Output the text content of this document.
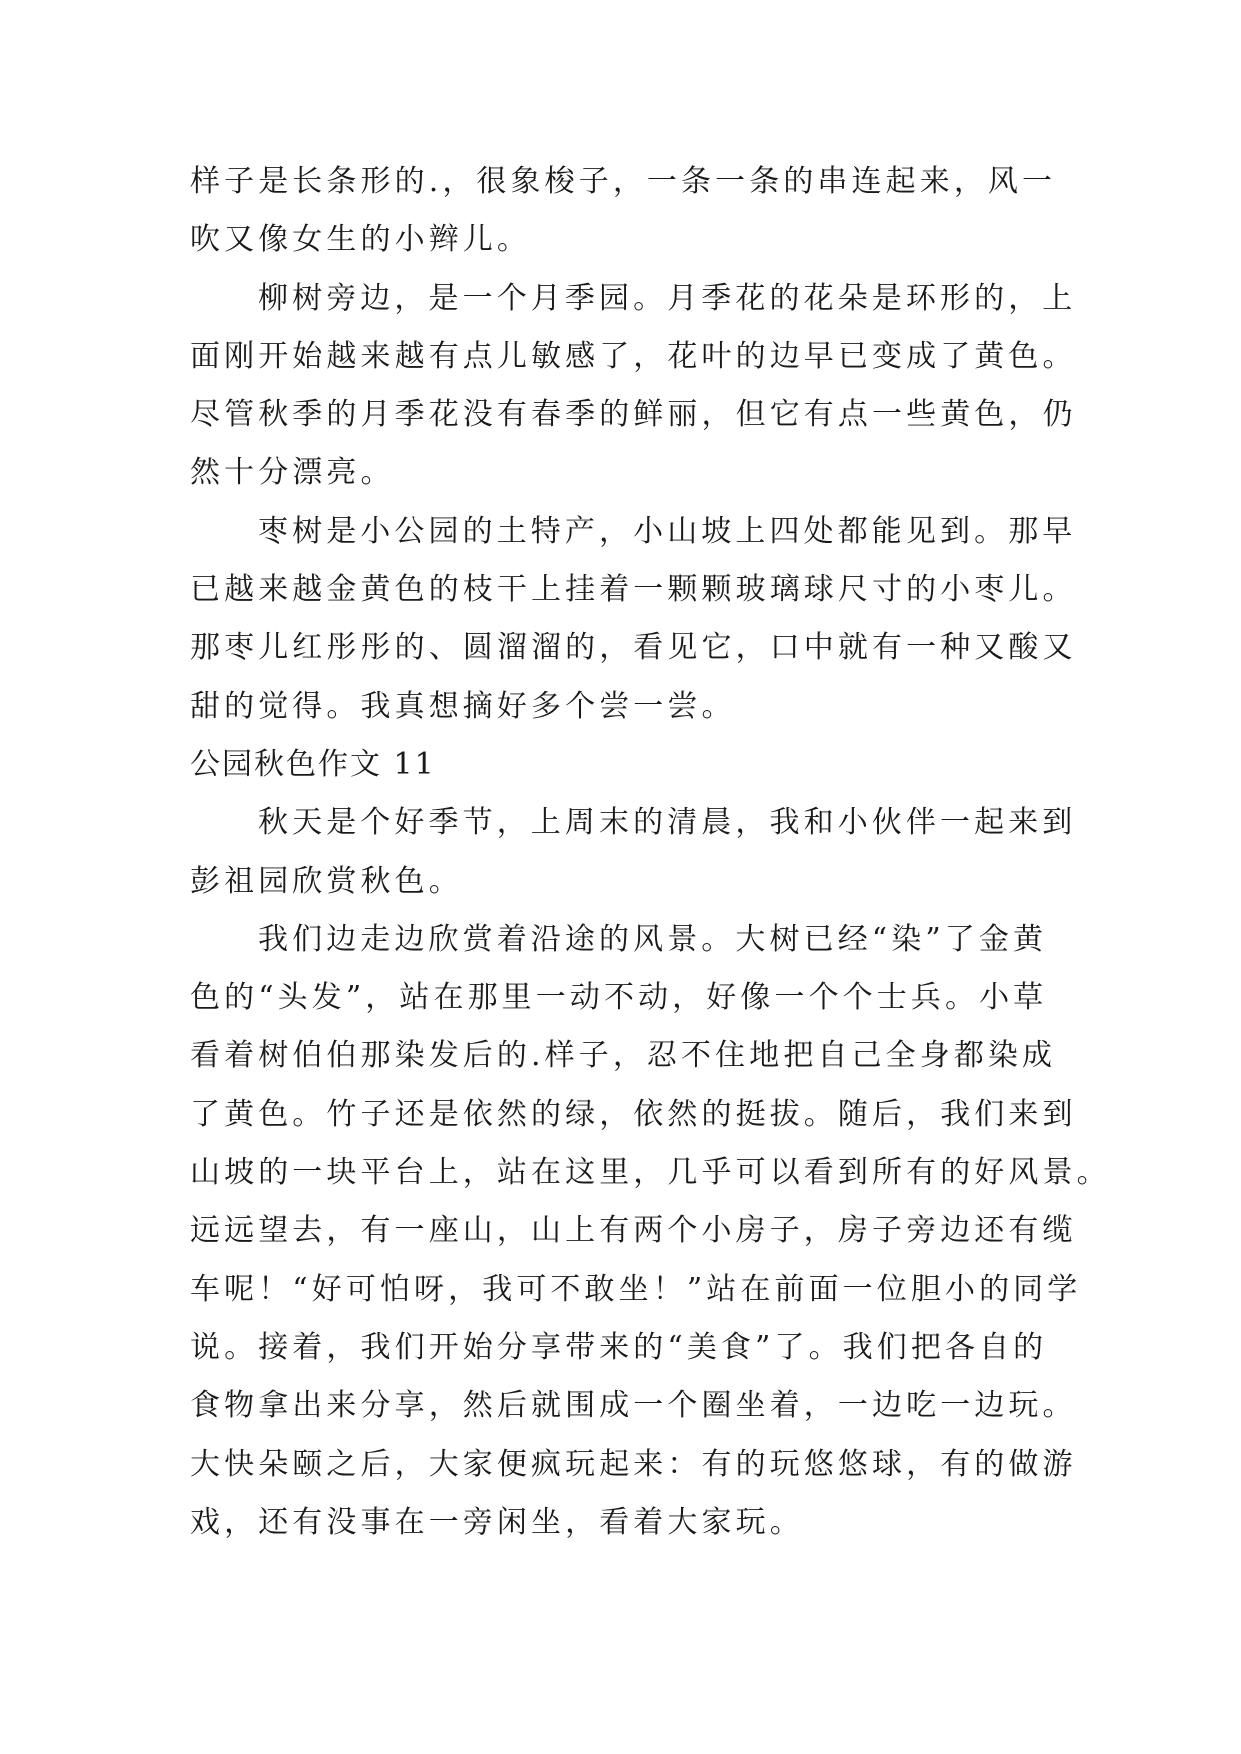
样子是长条形的.，很象梭子，一条一条的串连起来，风一
吹又像女生的小辫儿。
柳树旁边，是一个月季园。月季花的花朵是环形的，上
面刚开始越来越有点儿敏感了，花叶的边早已变成了黄色。
尽管秋季的月季花没有春季的鲜丽，但它有点一些黄色，仍
然十分漂亮。
枣树是小公园的土特产，小山坡上四处都能见到。那早
已越来越金黄色的枝干上挂着一颗颗玻璃球尺寸的小枣儿。
那枣儿红彤彤的、圆溜溜的，看见它，口中就有一种又酸又
甜的觉得。我真想摘好多个尝一尝。
公园秋色作文 11
秋天是个好季节，上周末的清晨，我和小伙伴一起来到
彭祖园欣赏秋色。
我们边走边欣赏着沿途的风景。大树已经“染”了金黄
色的“头发”，站在那里一动不动，好像一个个士兵。小草
看着树伯伯那染发后的.样子，忍不住地把自己全身都染成
了黄色。竹子还是依然的绿，依然的挺拔。随后，我们来到
山坡的一块平台上，站在这里，几乎可以看到所有的好风景。
远远望去，有一座山，山上有两个小房子，房子旁边还有缆
车呢！“好可怕呀，我可不敢坐！”站在前面一位胆小的同学
说。接着，我们开始分享带来的“美食”了。我们把各自的
食物拿出来分享，然后就围成一个圈坐着，一边吃一边玩。
大快朵颐之后，大家便疯玩起来：有的玩悠悠球，有的做游
戏，还有没事在一旁闲坐，看着大家玩。
